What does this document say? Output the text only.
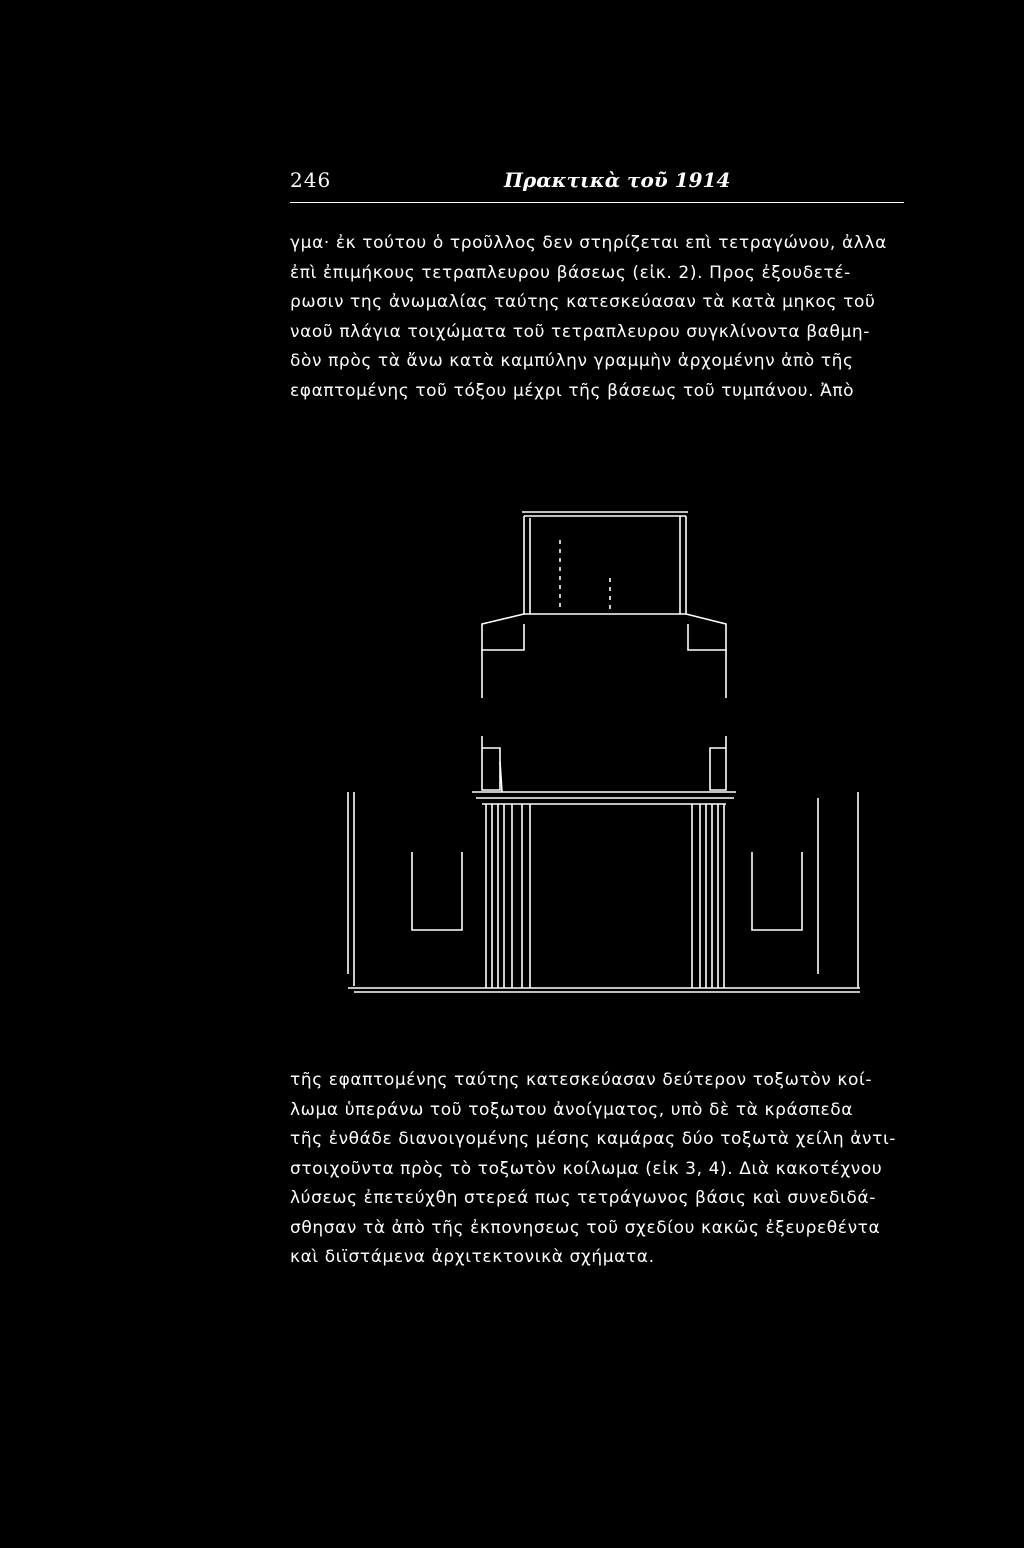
246	Πρακτικὰ τοῦ 1914
γμα· ἐκ τούτου ὁ τροῦλλος δεν στηρίζεται επὶ τετραγώνου, ἀλλα
ἐπὶ ἐπιμήκους τετραπλευρου βάσεως (εἰκ. 2). Προς ἐξουδετέ-
ρωσιν της ἀνωμαλίας ταύτης κατεσκεύασαν τὰ κατὰ μηκος τοῦ
ναοῦ πλάγια τοιχώματα τοῦ τετραπλευρου συγκλίνοντα βαθμη-
δὸν πρὸς τὰ ἄνω κατὰ καμπύλην γραμμὴν ἀρχομένην ἀπὸ τῆς
εφαπτομένης τοῦ τόξου μέχρι τῆς βάσεως τοῦ τυμπάνου. Ἀπὸ
τῆς εφαπτομένης ταύτης κατεσκεύασαν δεύτερον τοξωτὸν κοί-
λωμα ὑπεράνω τοῦ τοξωτου ἀνοίγματος, υπὸ δὲ τὰ κράσπεδα
τῆς ἐνθάδε διανοιγομένης μέσης καμάρας δύο τοξωτὰ χείλη ἀντι-
στοιχοῦντα πρὸς τὸ τοξωτὸν κοίλωμα (εἰκ 3, 4). Διὰ κακοτέχνου
λύσεως ἐπετεύχθη στερεά πως τετράγωνος βάσις καὶ συνεδιδά-
σθησαν τὰ ἀπὸ τῆς ἐκπονησεως τοῦ σχεδίου κακῶς ἐξευρεθέντα
καὶ διϊστάμενα ἀρχιτεκτονικὰ σχήματα.
